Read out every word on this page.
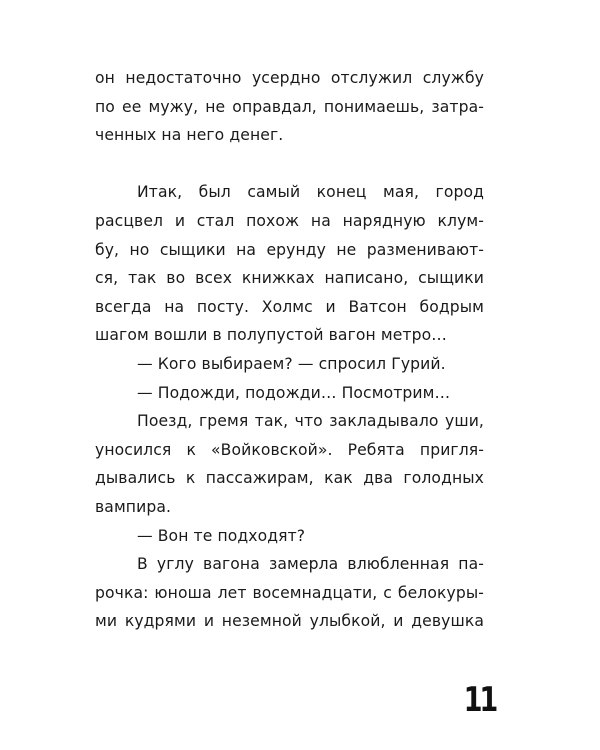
он недостаточно усердно отслужил службу
по ее мужу, не оправдал, понимаешь, затра-
ченных на него денег.
Итак, был самый конец мая, город
расцвел и стал похож на нарядную клум-
бу, но сыщики на ерунду не разменивают-
ся, так во всех книжках написано, сыщики
всегда на посту. Холмс и Ватсон бодрым
шагом вошли в полупустой вагон метро…
— Кого выбираем? — спросил Гурий.
— Подожди, подожди… Посмотрим…
Поезд, гремя так, что закладывало уши,
уносился к «Войковской». Ребята пригля-
дывались к пассажирам, как два голодных
вампира.
— Вон те подходят?
В углу вагона замерла влюбленная па-
рочка: юноша лет восемнадцати, с белокуры-
ми кудрями и неземной улыбкой, и девушка
11
